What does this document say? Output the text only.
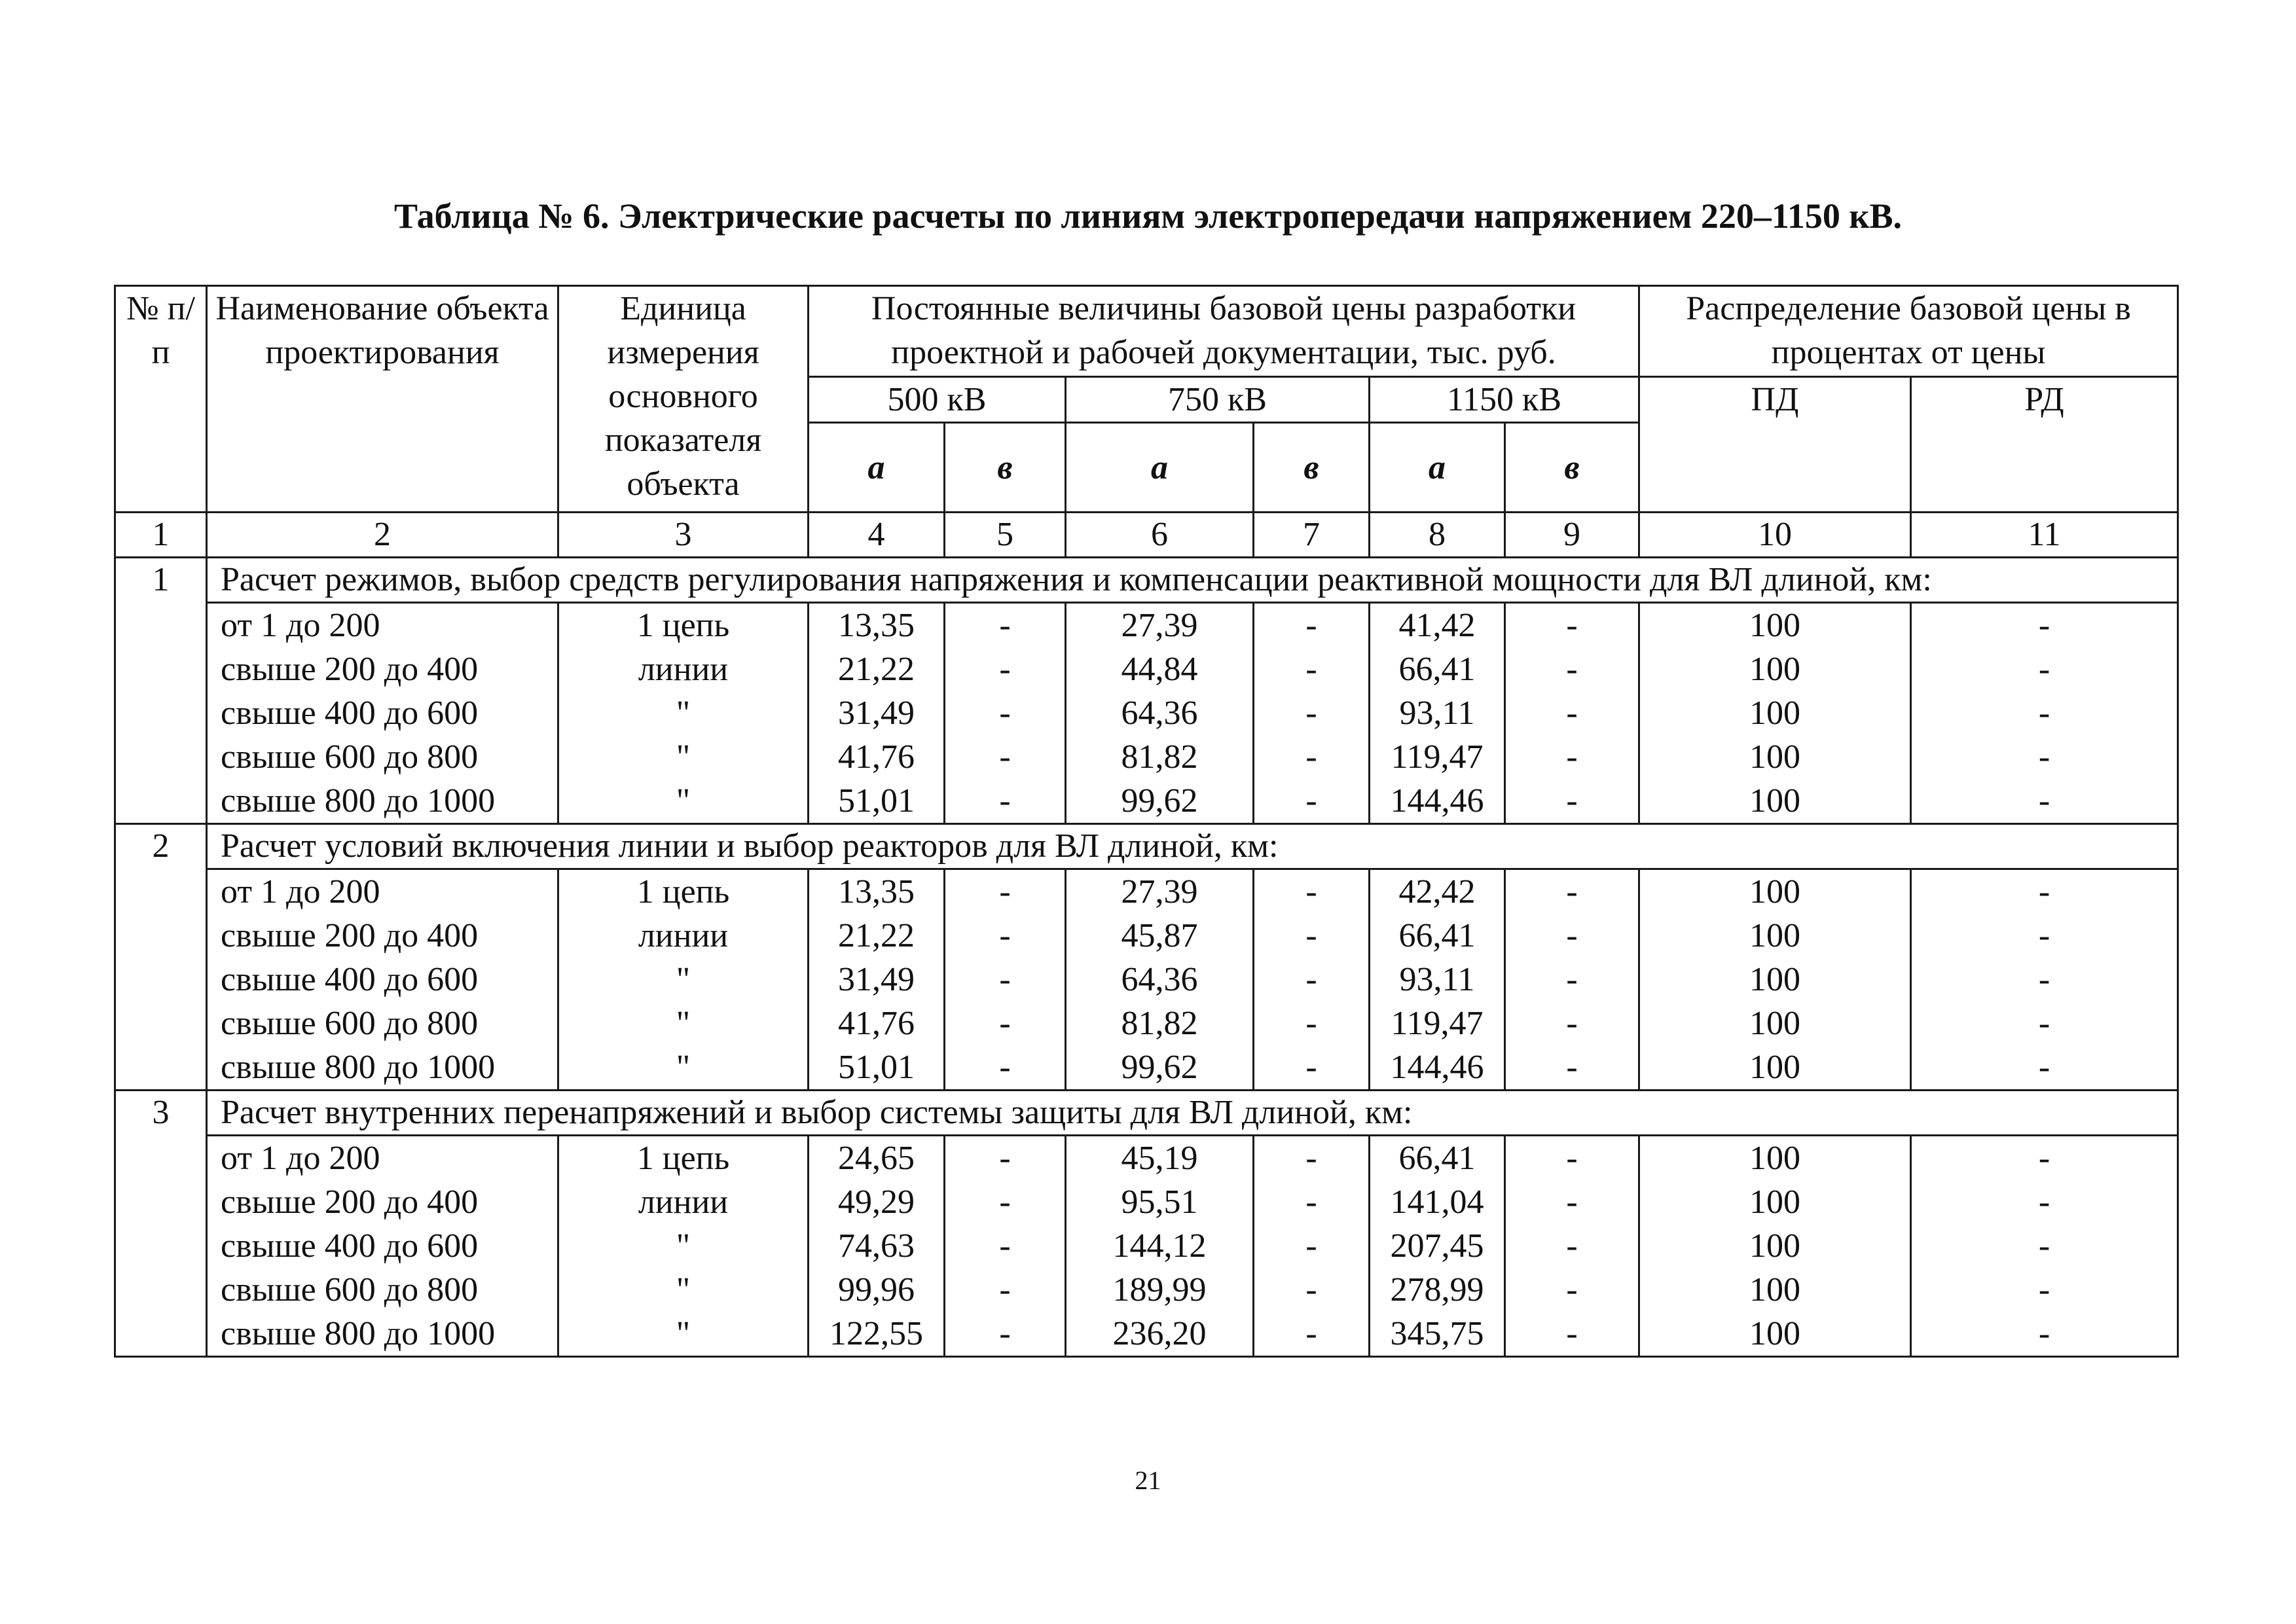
Таблица № 6. Электрические расчеты по линиям электропередачи напряжением 220–1150 кВ.
№ п/п	Наименование объекта проектирования	Единица измерения основного показателя объекта	Постоянные величины базовой цены разработки проектной и рабочей документации, тыс. руб.						Распределение базовой цены в процентах от цены	
			500 кВ		750 кВ		1150 кВ		ПД	РД
			а	в	а	в	а	в		
1	2	3	4	5	6	7	8	9	10	11
1	Расчет режимов, выбор средств регулирования напряжения и компенсации реактивной мощности для ВЛ длиной, км:									
	от 1 до 200	1 цепь	13,35	-	27,39	-	41,42	-	100	-
	свыше 200 до 400	линии	21,22	-	44,84	-	66,41	-	100	-
	свыше 400 до 600	"	31,49	-	64,36	-	93,11	-	100	-
	свыше 600 до 800	"	41,76	-	81,82	-	119,47	-	100	-
	свыше 800 до 1000	"	51,01	-	99,62	-	144,46	-	100	-
2	Расчет условий включения линии и выбор реакторов для ВЛ длиной, км:									
	от 1 до 200	1 цепь	13,35	-	27,39	-	42,42	-	100	-
	свыше 200 до 400	линии	21,22	-	45,87	-	66,41	-	100	-
	свыше 400 до 600	"	31,49	-	64,36	-	93,11	-	100	-
	свыше 600 до 800	"	41,76	-	81,82	-	119,47	-	100	-
	свыше 800 до 1000	"	51,01	-	99,62	-	144,46	-	100	-
3	Расчет внутренних перенапряжений и выбор системы защиты для ВЛ длиной, км:									
	от 1 до 200	1 цепь	24,65	-	45,19	-	66,41	-	100	-
	свыше 200 до 400	линии	49,29	-	95,51	-	141,04	-	100	-
	свыше 400 до 600	"	74,63	-	144,12	-	207,45	-	100	-
	свыше 600 до 800	"	99,96	-	189,99	-	278,99	-	100	-
	свыше 800 до 1000	"	122,55	-	236,20	-	345,75	-	100	-
21
